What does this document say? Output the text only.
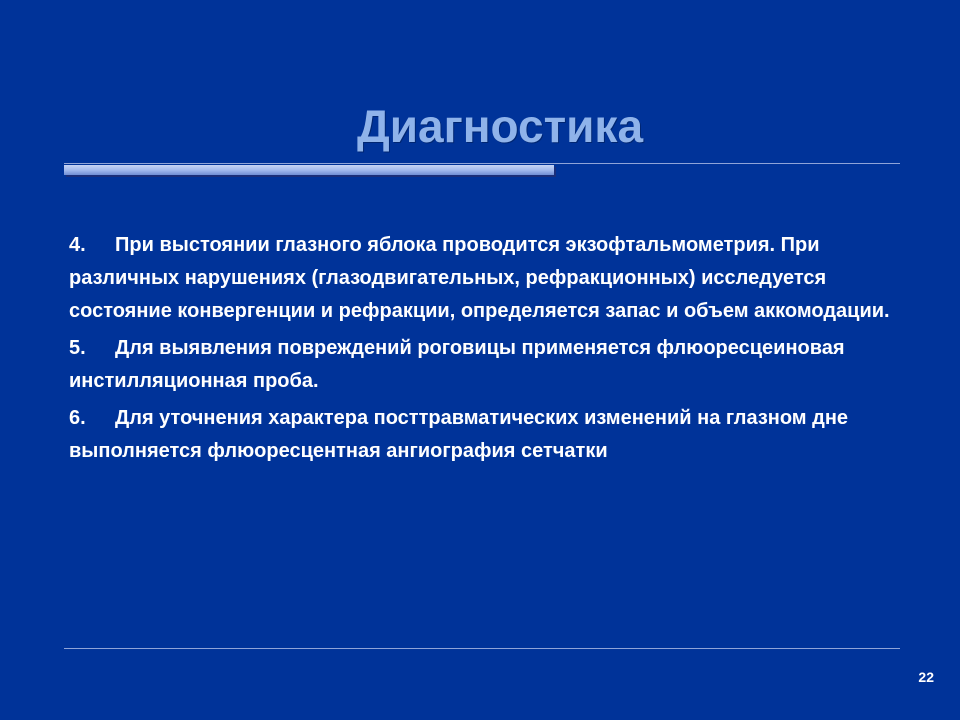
Диагностика

4. При выстоянии глазного яблока проводится экзофтальмометрия. При различных нарушениях (глазодвигательных, рефракционных) исследуется состояние конвергенции и рефракции, определяется запас и объем аккомодации.

5. Для выявления повреждений роговицы применяется флюоресцеиновая инстилляционная проба.

6. Для уточнения характера посттравматических изменений на глазном дне выполняется флюоресцентная ангиография сетчатки

22
